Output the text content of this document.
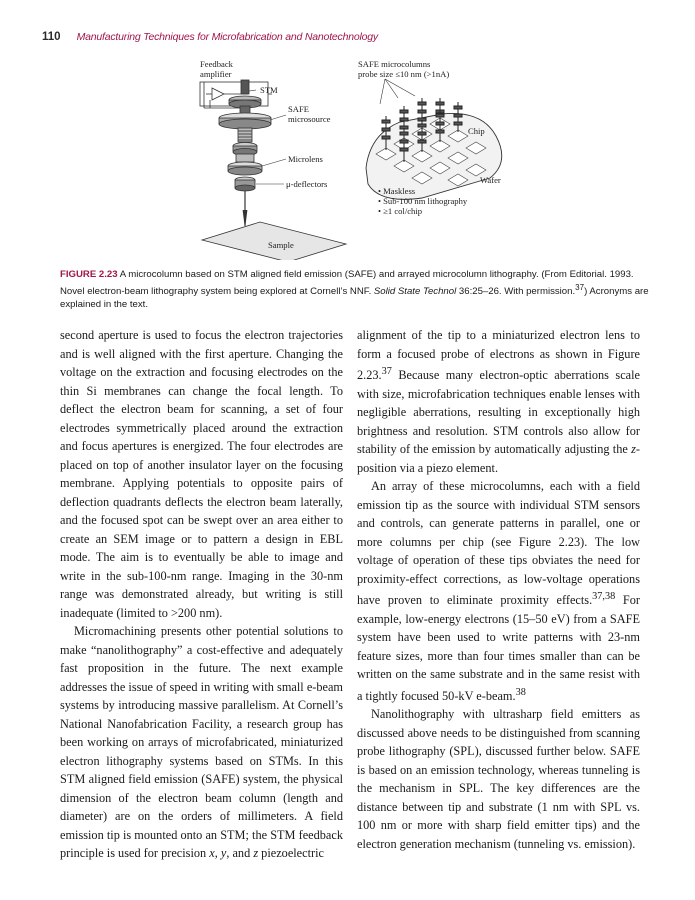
110 Manufacturing Techniques for Microfabrication and Nanotechnology
Feedback
amplifier
STM
SAFE
microsource
Microlens
μ-deflectors
Sample
SAFE microcolumns
probe size ≤10 nm (>1nA)
Chip
Wafer
• Maskless
• Sub-100 nm lithography
• ≥1 col/chip
FIGURE 2.23 A microcolumn based on STM aligned field emission (SAFE) and arrayed microcolumn lithography. (From Editorial. 1993. Novel electron-beam lithography system being explored at Cornell’s NNF. Solid State Technol 36:25–26. With permission.$^{37}$) Acronyms are explained in the text.

second aperture is used to focus the electron trajectories and is well aligned with the first aperture. Changing the voltage on the extraction and focusing electrodes on the thin Si membranes can change the focal length. To deflect the electron beam for scanning, a set of four electrodes symmetrically placed around the extraction and focus apertures is energized. The four electrodes are placed on top of another insulator layer on the focusing membrane. Applying potentials to opposite pairs of deflection quadrants deflects the electron beam laterally, and the focused spot can be swept over an area either to create an SEM image or to pattern a design in EBL mode. The aim is to eventually be able to image and write in the sub-100-nm range. Imaging in the 30-nm range was demonstrated already, but writing is still inadequate (limited to >200 nm).

Micromachining presents other potential solutions to make “nanolithography” a cost-effective and adequately fast proposition in the future. The next example addresses the issue of speed in writing with small e-beam systems by introducing massive parallelism. At Cornell’s National Nanofabrication Facility, a research group has been working on arrays of microfabricated, miniaturized electron lithography systems based on STMs. In this STM aligned field emission (SAFE) system, the physical dimension of the electron beam column (length and diameter) are on the orders of millimeters. A field emission tip is mounted onto an STM; the STM feedback principle is used for precision x, y, and z piezoelectric

alignment of the tip to a miniaturized electron lens to form a focused probe of electrons as shown in Figure 2.23.37 Because many electron-optic aberrations scale with size, microfabrication techniques enable lenses with negligible aberrations, resulting in exceptionally high brightness and resolution. STM controls also allow for stability of the emission by automatically adjusting the z-position via a piezo element.

An array of these microcolumns, each with a field emission tip as the source with individual STM sensors and controls, can generate patterns in parallel, one or more columns per chip (see Figure 2.23). The low voltage of operation of these tips obviates the need for proximity-effect corrections, as low-voltage operations have proven to eliminate proximity effects.$^{37,38}$ For example, low-energy electrons (15–50 eV) from a SAFE system have been used to write patterns with 23-nm feature sizes, more than four times smaller than can be written on the same substrate and in the same resist with a tightly focused 50-kV e-beam.$^{38}$

Nanolithography with ultrasharp field emitters as discussed above needs to be distinguished from scanning probe lithography (SPL), discussed further below. SAFE is based on an emission technology, whereas tunneling is the mechanism in SPL. The key differences are the distance between tip and substrate (1 nm with SPL vs. 100 nm or more with sharp field emitter tips) and the electron generation mechanism (tunneling vs. emission).
